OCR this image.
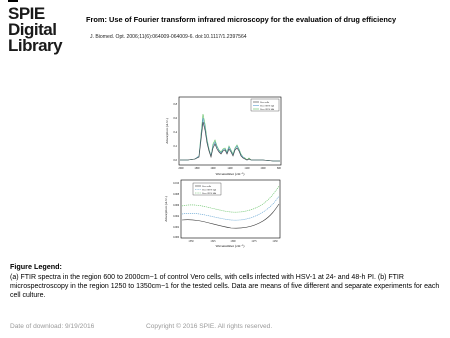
SPIE
Digital
Library
From: Use of Fourier transform infrared microscopy for the evaluation of drug efficiency
J. Biomed. Opt. 2006;11(6):064009-064009-6. doi:10.1117/1.2397564
Absorption (A.U.)
Wavenumber (cm⁻¹)
0.8
0.6
0.4
0.2
0.0
2000	1800	1600	1400	1200	1000	800
Vero cells
Vero+HSV 24h
Vero+HSV 48h
Absorption (A.U.)
Wavenumber (cm⁻¹)
0.010
0.008
0.006
0.004
0.002
0.000
1350	1325	1300	1275	1250
Vero cells
Vero+HSV 24h
Vero+HSV 48h
Figure Legend:
(a) FTIR spectra in the region 600 to 2000cm−1 of control Vero cells, with cells infected with HSV-1 at 24- and 48-h PI. (b) FTIR microspectroscopy in the region 1250 to 1350cm−1 for the tested cells. Data are means of five different and separate experiments for each cell culture.
Date of download: 9/19/2016	Copyright © 2016 SPIE. All rights reserved.
